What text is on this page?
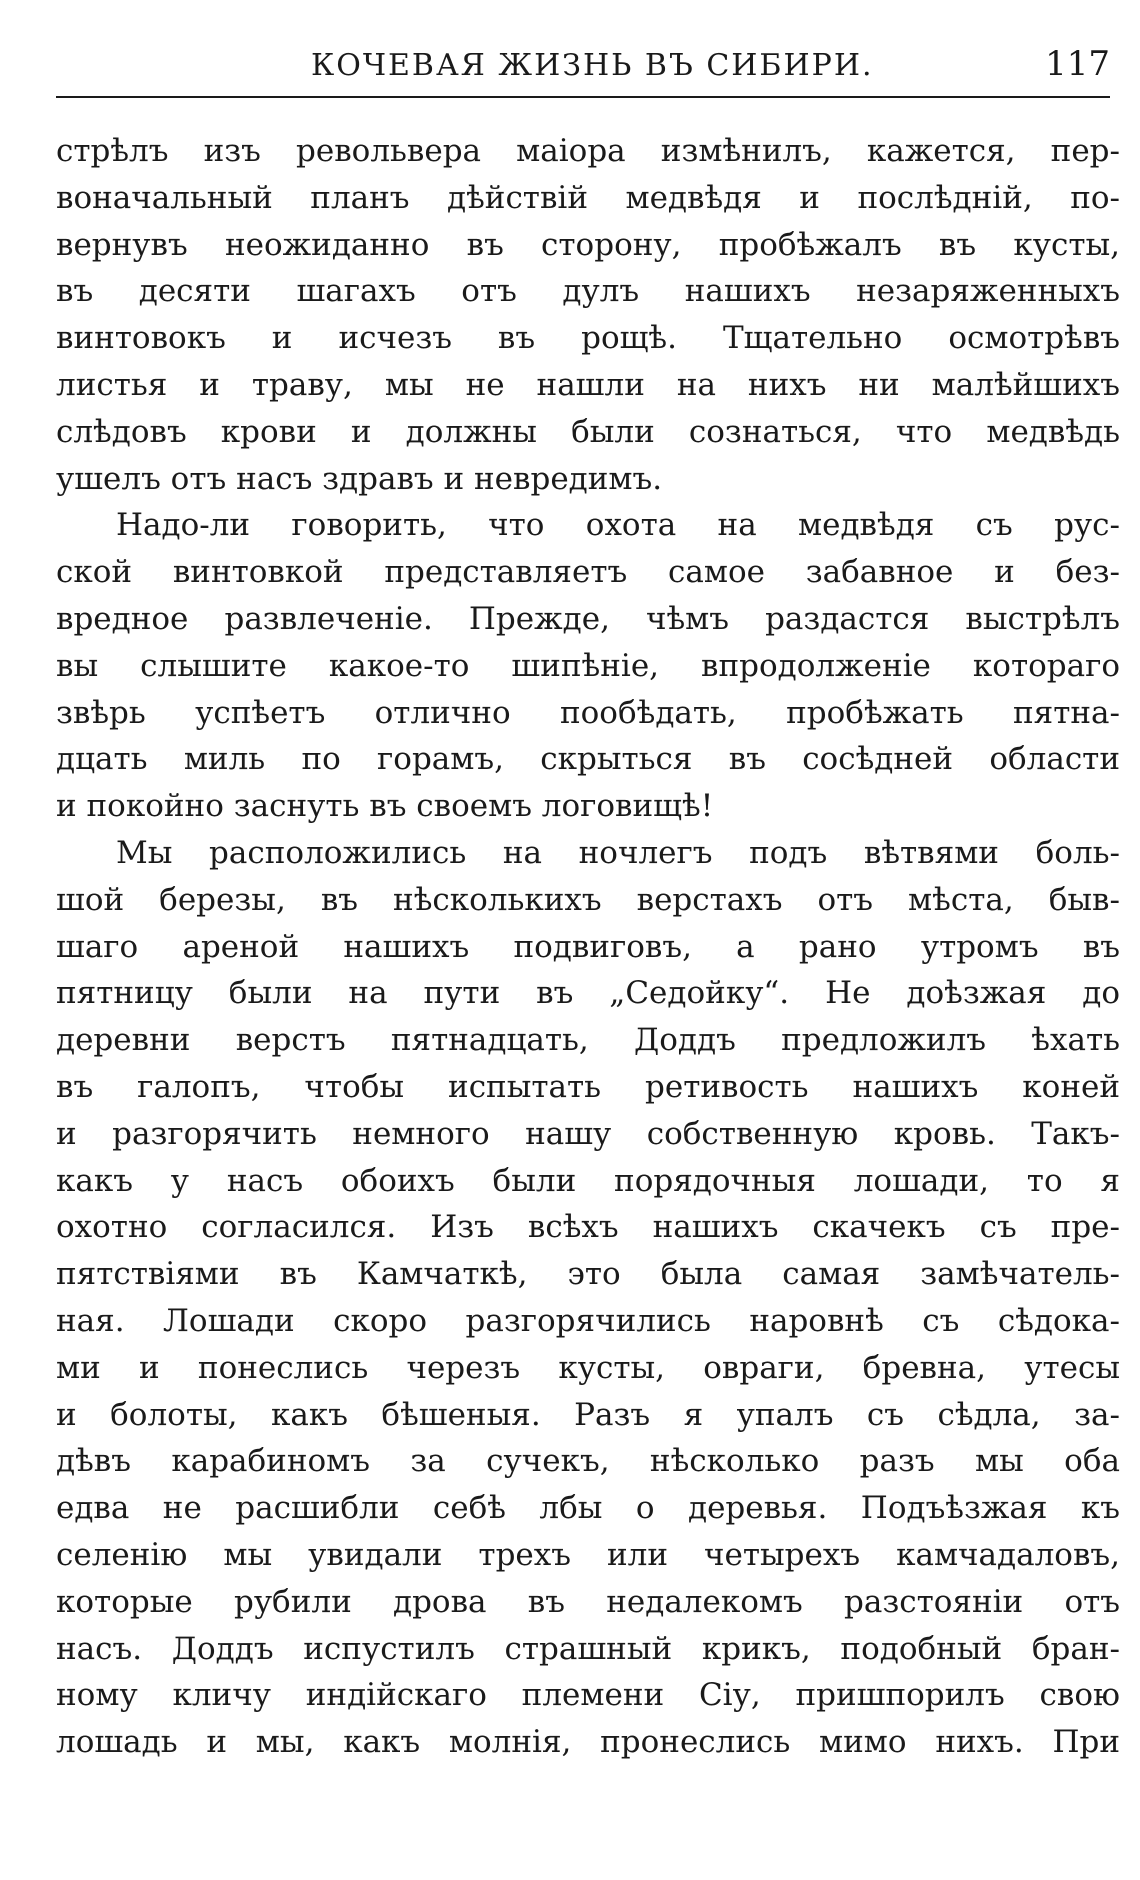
КОЧЕВАЯ ЖИЗНЬ ВЪ СИБИРИ.	117
стрѣлъ изъ револьвера маіора измѣнилъ, кажется, пер-
воначальный планъ дѣйствій медвѣдя и послѣдній, по-
вернувъ неожиданно въ сторону, пробѣжалъ въ кусты,
въ десяти шагахъ отъ дулъ нашихъ незаряженныхъ
винтовокъ и исчезъ въ рощѣ. Тщательно осмотрѣвъ
листья и траву, мы не нашли на нихъ ни малѣйшихъ
слѣдовъ крови и должны были сознаться, что медвѣдь
ушелъ отъ насъ здравъ и невредимъ.
Надо-ли говорить, что охота на медвѣдя съ рус-
ской винтовкой представляетъ самое забавное и без-
вредное развлеченіе. Прежде, чѣмъ раздастся выстрѣлъ
вы слышите какое-то шипѣніе, впродолженіе котораго
звѣрь успѣетъ отлично пообѣдать, пробѣжать пятна-
дцать миль по горамъ, скрыться въ сосѣдней области
и покойно заснуть въ своемъ логовищѣ!
Мы расположились на ночлегъ подъ вѣтвями боль-
шой березы, въ нѣсколькихъ верстахъ отъ мѣста, быв-
шаго ареной нашихъ подвиговъ, а рано утромъ въ
пятницу были на пути въ „Седойку“. Не доѣзжая до
деревни верстъ пятнадцать, Доддъ предложилъ ѣхать
въ галопъ, чтобы испытать ретивость нашихъ коней
и разгорячить немного нашу собственную кровь. Такъ-
какъ у насъ обоихъ были порядочныя лошади, то я
охотно согласился. Изъ всѣхъ нашихъ скачекъ съ пре-
пятствіями въ Камчаткѣ, это была самая замѣчатель-
ная. Лошади скоро разгорячились наровнѣ съ сѣдока-
ми и понеслись черезъ кусты, овраги, бревна, утесы
и болоты, какъ бѣшеныя. Разъ я упалъ съ сѣдла, за-
дѣвъ карабиномъ за сучекъ, нѣсколько разъ мы оба
едва не расшибли себѣ лбы о деревья. Подъѣзжая къ
селенію мы увидали трехъ или четырехъ камчадаловъ,
которые рубили дрова въ недалекомъ разстояніи отъ
насъ. Доддъ испустилъ страшный крикъ, подобный бран-
ному кличу индійскаго племени Сіу, пришпорилъ свою
лошадь и мы, какъ молнія, пронеслись мимо нихъ. При
